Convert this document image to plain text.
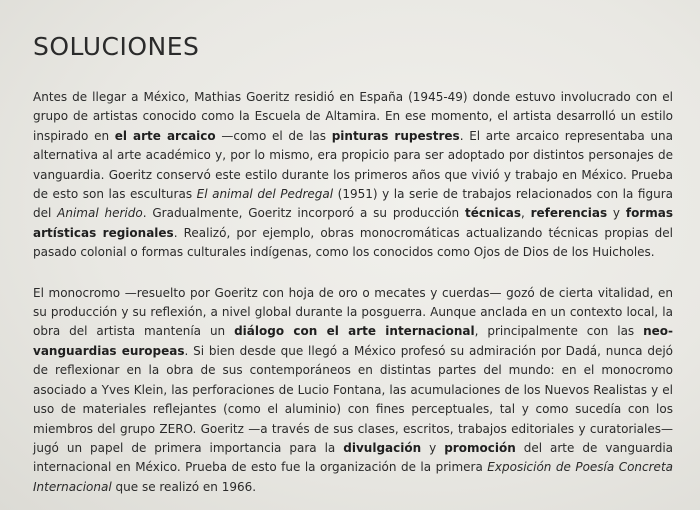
SOLUCIONES

Antes de llegar a México, Mathias Goeritz residió en España (1945-49) donde estuvo involucrado con el grupo de artistas conocido como la Escuela de Altamira. En ese momento, el artista desarrolló un estilo inspirado en el arte arcaico —como el de las pinturas rupestres. El arte arcaico representaba una alternativa al arte académico y, por lo mismo, era propicio para ser adoptado por distintos personajes de vanguardia. Goeritz conservó este estilo durante los primeros años que vivió y trabajo en México. Prueba de esto son las esculturas El animal del Pedregal (1951) y la serie de trabajos relacionados con la figura del Animal herido. Gradualmente, Goeritz incorporó a su producción técnicas, referencias y formas artísticas regionales. Realizó, por ejemplo, obras monocromáticas actualizando técnicas propias del pasado colonial o formas culturales indígenas, como los conocidos como Ojos de Dios de los Huicholes.

El monocromo —resuelto por Goeritz con hoja de oro o mecates y cuerdas— gozó de cierta vitalidad, en su producción y su reflexión, a nivel global durante la posguerra. Aunque anclada en un contexto local, la obra del artista mantenía un diálogo con el arte internacional, principalmente con las neo-vanguardias europeas. Si bien desde que llegó a México profesó su admiración por Dadá, nunca dejó de reflexionar en la obra de sus contemporáneos en distintas partes del mundo: en el monocromo asociado a Yves Klein, las perforaciones de Lucio Fontana, las acumulaciones de los Nuevos Realistas y el uso de materiales reflejantes (como el aluminio) con fines perceptuales, tal y como sucedía con los miembros del grupo ZERO. Goeritz —a través de sus clases, escritos, trabajos editoriales y curatoriales— jugó un papel de primera importancia para la divulgación y promoción del arte de vanguardia internacional en México. Prueba de esto fue la organización de la primera Exposición de Poesía Concreta Internacional que se realizó en 1966.
